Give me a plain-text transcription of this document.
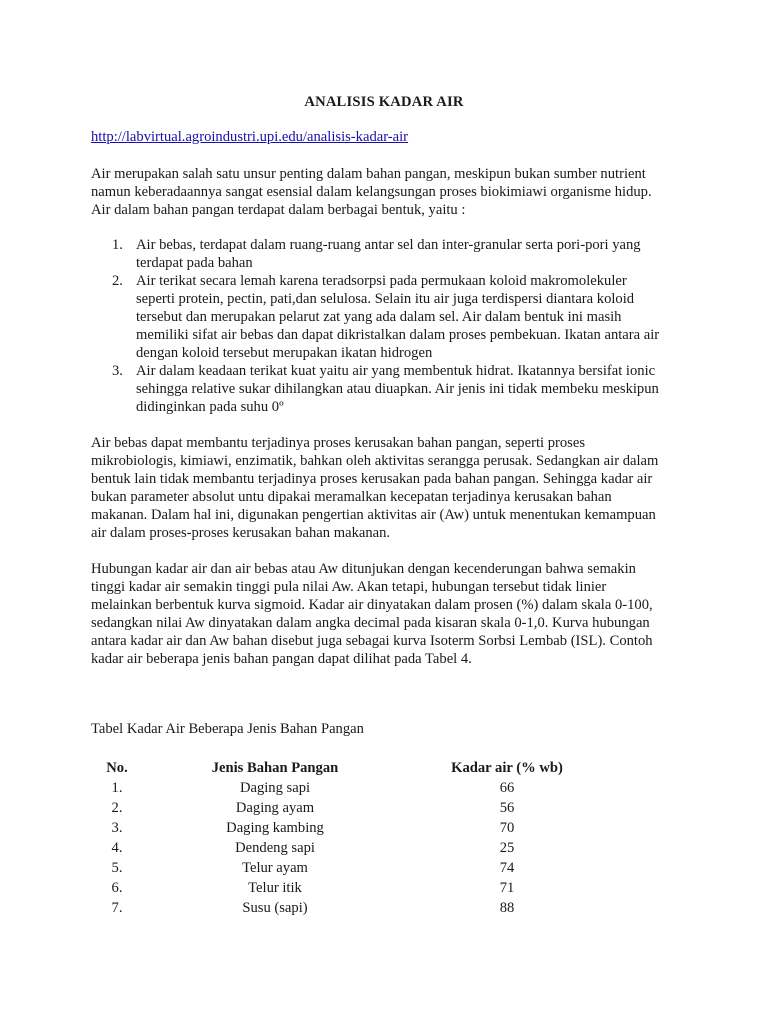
ANALISIS KADAR AIR
http://labvirtual.agroindustri.upi.edu/analisis-kadar-air

Air merupakan salah satu unsur penting dalam bahan pangan, meskipun bukan sumber nutrient
namun keberadaannya sangat esensial dalam kelangsungan proses biokimiawi organisme hidup.
Air dalam bahan pangan terdapat dalam berbagai bentuk, yaitu :

1. Air bebas, terdapat dalam ruang-ruang antar sel dan inter-granular serta pori-pori yang
terdapat pada bahan
2. Air terikat secara lemah karena teradsorpsi pada permukaan koloid makromolekuler
seperti protein, pectin, pati,dan selulosa. Selain itu air juga terdispersi diantara koloid
tersebut dan merupakan pelarut zat yang ada dalam sel. Air dalam bentuk ini masih
memiliki sifat air bebas dan dapat dikristalkan dalam proses pembekuan. Ikatan antara air
dengan koloid tersebut merupakan ikatan hidrogen
3. Air dalam keadaan terikat kuat yaitu air yang membentuk hidrat. Ikatannya bersifat ionic
sehingga relative sukar dihilangkan atau diuapkan. Air jenis ini tidak membeku meskipun
didinginkan pada suhu 0º

Air bebas dapat membantu terjadinya proses kerusakan bahan pangan, seperti proses
mikrobiologis, kimiawi, enzimatik, bahkan oleh aktivitas serangga perusak. Sedangkan air dalam
bentuk lain tidak membantu terjadinya proses kerusakan pada bahan pangan. Sehingga kadar air
bukan parameter absolut untu dipakai meramalkan kecepatan terjadinya kerusakan bahan
makanan. Dalam hal ini, digunakan pengertian aktivitas air (Aw) untuk menentukan kemampuan
air dalam proses-proses kerusakan bahan makanan.

Hubungan kadar air dan air bebas atau Aw ditunjukan dengan kecenderungan bahwa semakin
tinggi kadar air semakin tinggi pula nilai Aw. Akan tetapi, hubungan tersebut tidak linier
melainkan berbentuk kurva sigmoid. Kadar air dinyatakan dalam prosen (%) dalam skala 0-100,
sedangkan nilai Aw dinyatakan dalam angka decimal pada kisaran skala 0-1,0. Kurva hubungan
antara kadar air dan Aw bahan disebut juga sebagai kurva Isoterm Sorbsi Lembab (ISL). Contoh
kadar air beberapa jenis bahan pangan dapat dilihat pada Tabel 4.

Tabel Kadar Air Beberapa Jenis Bahan Pangan
No.	Jenis Bahan Pangan	Kadar air (% wb)
1.	Daging sapi	66
2.	Daging ayam	56
3.	Daging kambing	70
4.	Dendeng sapi	25
5.	Telur ayam	74
6.	Telur itik	71
7.	Susu (sapi)	88
